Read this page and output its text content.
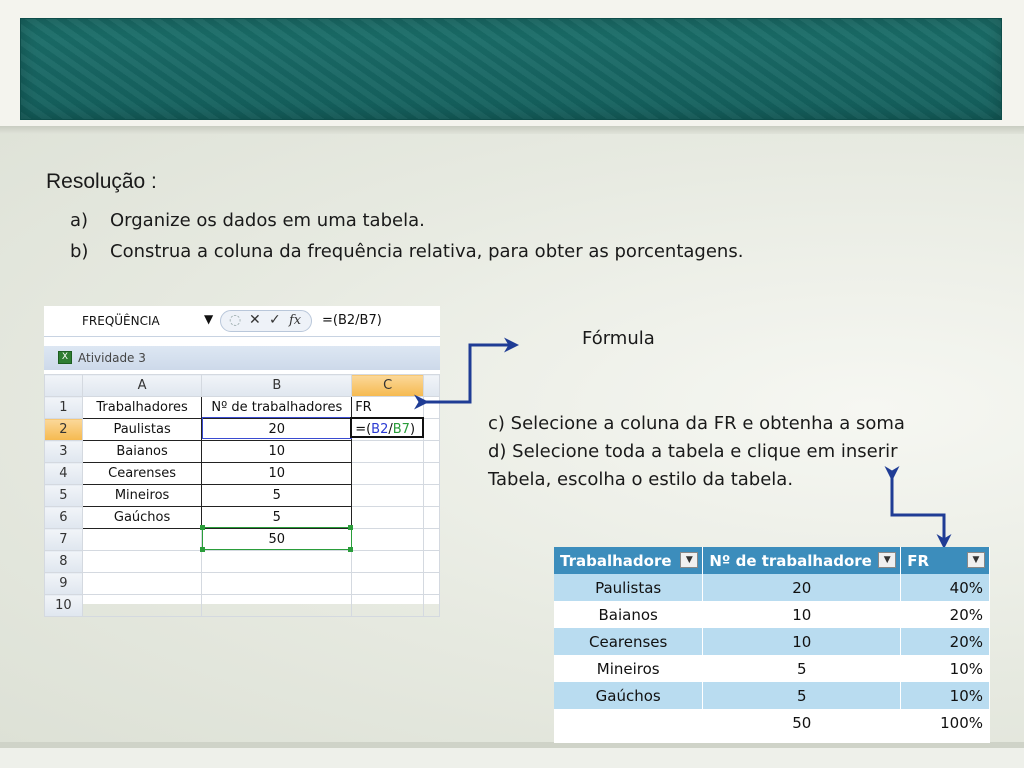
Resolução :
a) Organize os dados em uma tabela.
b) Construa a coluna da frequência relativa, para obter as porcentagens.
FREQÜÊNCIA	▼ ◌ ✕ ✓ fx =(B2/B7)
X Atividade 3
	A	B	C	
1	Trabalhadores	Nº de trabalhadores	FR	
2	Paulistas	20	=(B2/B7)	
3	Baianos	10		
4	Cearenses	10		
5	Mineiros	5		
6	Gaúchos	5		
7		50		
8				
9				
10				
Fórmula
c) Selecione a coluna da FR e obtenha a soma
d) Selecione toda a tabela e clique em inserir
Tabela, escolha o estilo da tabela.
Trabalhadore ▼	Nº de trabalhadore ▼	FR ▼

Paulistas	20	40%
Baianos	10	20%
Cearenses	10	20%
Mineiros	5	10%
Gaúchos	5	10%
	50	100%
